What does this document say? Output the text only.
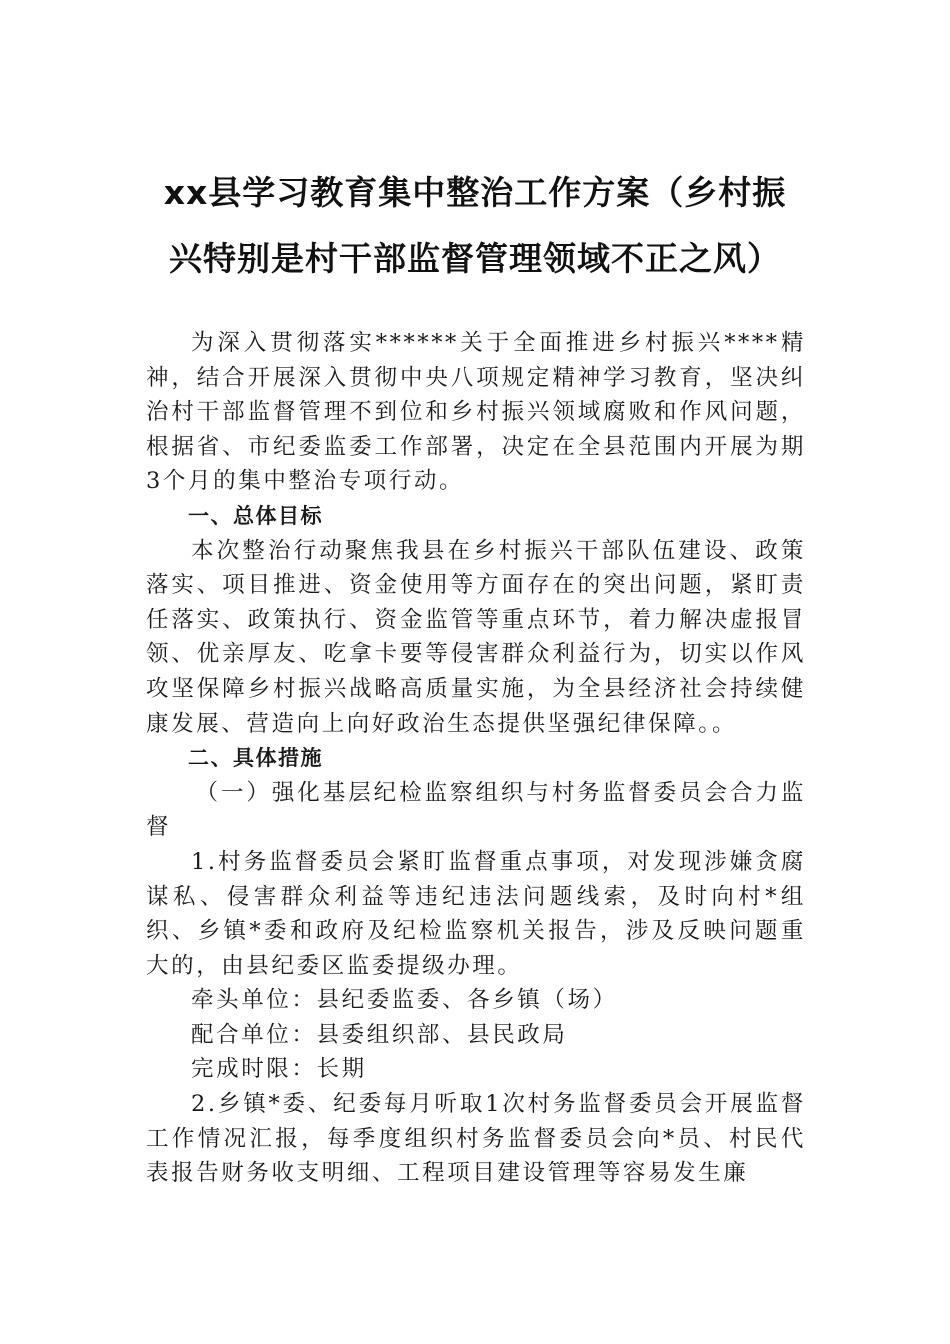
xx县学习教育集中整治工作方案（乡村振
兴特别是村干部监督管理领域不正之风）

为深入贯彻落实******关于全面推进乡村振兴****精神，结合开展深入贯彻中央八项规定精神学习教育，坚决纠治村干部监督管理不到位和乡村振兴领域腐败和作风问题，根据省、市纪委监委工作部署，决定在全县范围内开展为期3个月的集中整治专项行动。

一、总体目标

本次整治行动聚焦我县在乡村振兴干部队伍建设、政策落实、项目推进、资金使用等方面存在的突出问题，紧盯责任落实、政策执行、资金监管等重点环节，着力解决虚报冒领、优亲厚友、吃拿卡要等侵害群众利益行为，切实以作风攻坚保障乡村振兴战略高质量实施，为全县经济社会持续健康发展、营造向上向好政治生态提供坚强纪律保障。。

二、具体措施

（一）强化基层纪检监察组织与村务监督委员会合力监督

1.村务监督委员会紧盯监督重点事项，对发现涉嫌贪腐谋私、侵害群众利益等违纪违法问题线索，及时向村*组织、乡镇*委和政府及纪检监察机关报告，涉及反映问题重大的，由县纪委区监委提级办理。

牵头单位：县纪委监委、各乡镇（场）

配合单位：县委组织部、县民政局

完成时限：长期

2.乡镇*委、纪委每月听取1次村务监督委员会开展监督工作情况汇报，每季度组织村务监督委员会向*员、村民代表报告财务收支明细、工程项目建设管理等容易发生廉
